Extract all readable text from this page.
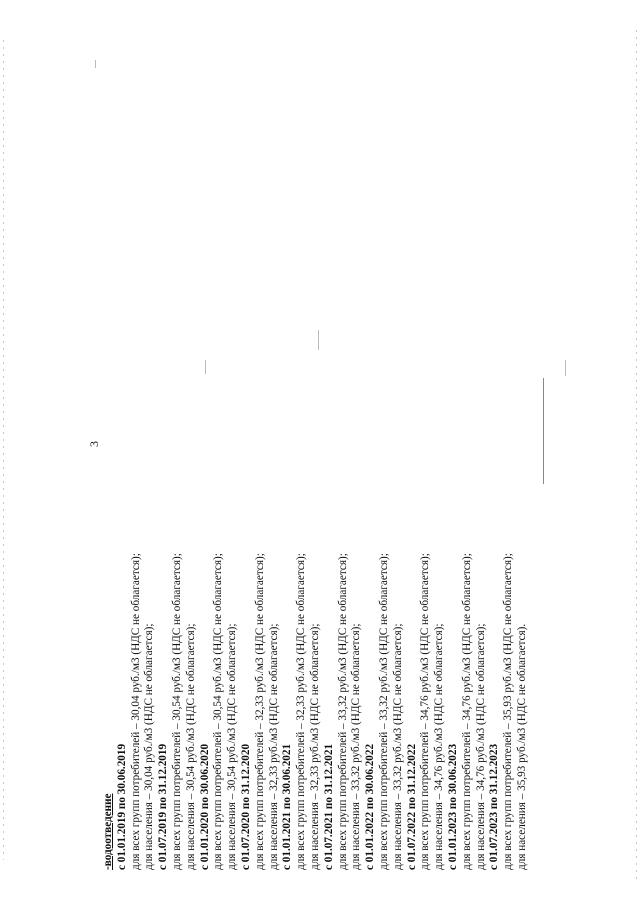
3
-водоотведение с 01.01.2019 по 30.06.2019 для всех групп потребителей – 30,04 руб./м3 (НДС не облагается); для населения – 30,04 руб./м3 (НДС не облагается); с 01.07.2019 по 31.12.2019 для всех групп потребителей – 30,54 руб./м3 (НДС не облагается); для населения – 30,54 руб./м3 (НДС не облагается); с 01.01.2020 по 30.06.2020 для всех групп потребителей – 30,54 руб./м3 (НДС не облагается); для населения – 30,54 руб./м3 (НДС не облагается); с 01.07.2020 по 31.12.2020 для всех групп потребителей – 32,33 руб./м3 (НДС не облагается); для населения – 32,33 руб./м3 (НДС не облагается); с 01.01.2021 по 30.06.2021 для всех групп потребителей – 32,33 руб./м3 (НДС не облагается); для населения – 32,33 руб./м3 (НДС не облагается); с 01.07.2021 по 31.12.2021 для всех групп потребителей – 33,32 руб./м3 (НДС не облагается); для населения – 33,32 руб./м3 (НДС не облагается); с 01.01.2022 по 30.06.2022 для всех групп потребителей – 33,32 руб./м3 (НДС не облагается); для населения – 33,32 руб./м3 (НДС не облагается); с 01.07.2022 по 31.12.2022 для всех групп потребителей – 34,76 руб./м3 (НДС не облагается); для населения – 34,76 руб./м3 (НДС не облагается); с 01.01.2023 по 30.06.2023 для всех групп потребителей – 34,76 руб./м3 (НДС не облагается); для населения – 34,76 руб./м3 (НДС не облагается); с 01.07.2023 по 31.12.2023 для всех групп потребителей – 35,93 руб./м3 (НДС не облагается); для населения – 35,93 руб./м3 (НДС не облагается).
